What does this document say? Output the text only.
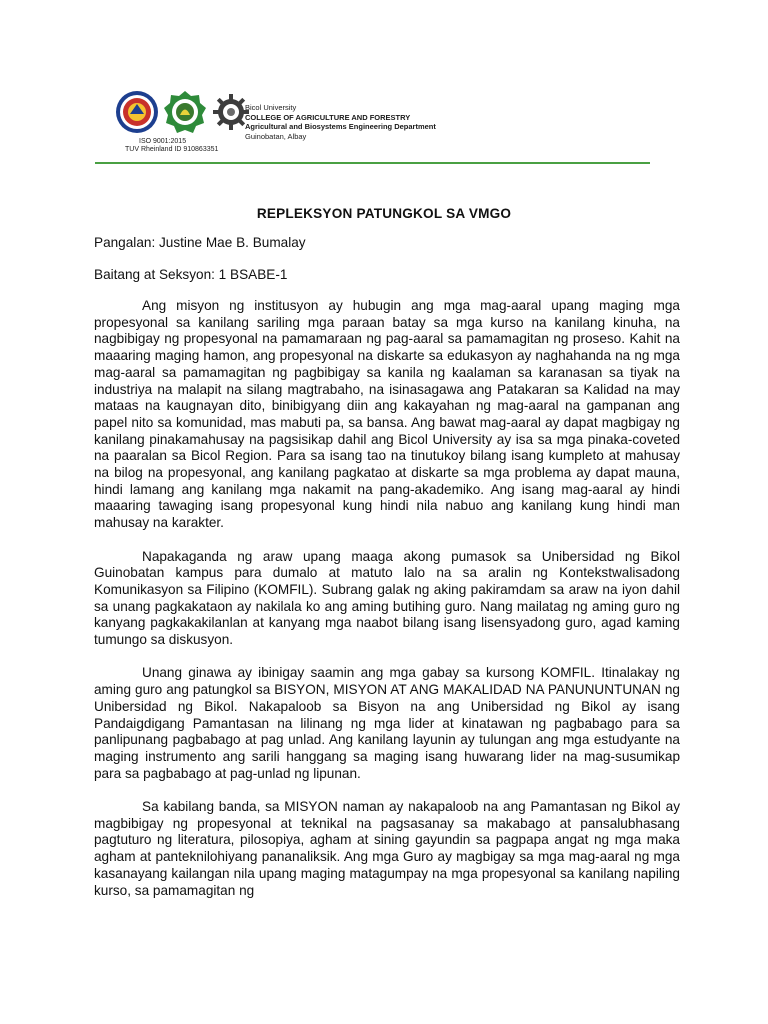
ISO 9001:2015
TUV Rheinland ID 910863351
Bicol University
COLLEGE OF AGRICULTURE AND FORESTRY
Agricultural and Biosystems Engineering Department
Guinobatan, Albay
REPLEKSYON PATUNGKOL SA VMGO
Pangalan: Justine Mae B. Bumalay
Baitang at Seksyon: 1 BSABE-1

Ang misyon ng institusyon ay hubugin ang mga mag-aaral upang maging mga propesyonal sa kanilang sariling mga paraan batay sa mga kurso na kanilang kinuha, na nagbibigay ng propesyonal na pamamaraan ng pag-aaral sa pamamagitan ng proseso. Kahit na maaaring maging hamon, ang propesyonal na diskarte sa edukasyon ay naghahanda na ng mga mag-aaral sa pamamagitan ng pagbibigay sa kanila ng kaalaman sa karanasan sa tiyak na industriya na malapit na silang magtrabaho, na isinasagawa ang Patakaran sa Kalidad na may mataas na kaugnayan dito, binibigyang diin ang kakayahan ng mag-aaral na gampanan ang papel nito sa komunidad, mas mabuti pa, sa bansa. Ang bawat mag-aaral ay dapat magbigay ng kanilang pinakamahusay na pagsisikap dahil ang Bicol University ay isa sa mga pinaka-coveted na paaralan sa Bicol Region. Para sa isang tao na tinutukoy bilang isang kumpleto at mahusay na bilog na propesyonal, ang kanilang pagkatao at diskarte sa mga problema ay dapat mauna, hindi lamang ang kanilang mga nakamit na pang-akademiko. Ang isang mag-aaral ay hindi maaaring tawaging isang propesyonal kung hindi nila nabuo ang kanilang kung hindi man mahusay na karakter.

Napakaganda ng araw upang maaga akong pumasok sa Unibersidad ng Bikol Guinobatan kampus para dumalo at matuto lalo na sa aralin ng Kontekstwalisadong Komunikasyon sa Filipino (KOMFIL). Subrang galak ng aking pakiramdam sa araw na iyon dahil sa unang pagkakataon ay nakilala ko ang aming butihing guro. Nang mailatag ng aming guro ng kanyang pagkakakilanlan at kanyang mga naabot bilang isang lisensyadong guro, agad kaming tumungo sa diskusyon.

Unang ginawa ay ibinigay saamin ang mga gabay sa kursong KOMFIL. Itinalakay ng aming guro ang patungkol sa BISYON, MISYON AT ANG MAKALIDAD NA PANUNUNTUNAN ng Unibersidad ng Bikol. Nakapaloob sa Bisyon na ang Unibersidad ng Bikol ay isang Pandaigdigang Pamantasan na lilinang ng mga lider at kinatawan ng pagbabago para sa panlipunang pagbabago at pag unlad. Ang kanilang layunin ay tulungan ang mga estudyante na maging instrumento ang sarili hanggang sa maging isang huwarang lider na mag-susumikap para sa pagbabago at pag-unlad ng lipunan.

Sa kabilang banda, sa MISYON naman ay nakapaloob na ang Pamantasan ng Bikol ay magbibigay ng propesyonal at teknikal na pagsasanay sa makabago at pansalubhasang pagtuturo ng literatura, pilosopiya, agham at sining gayundin sa pagpapa angat ng mga maka agham at panteknilohiyang pananaliksik. Ang mga Guro ay magbigay sa mga mag-aaral ng mga kasanayang kailangan nila upang maging matagumpay na mga propesyonal sa kanilang napiling kurso, sa pamamagitan ng
